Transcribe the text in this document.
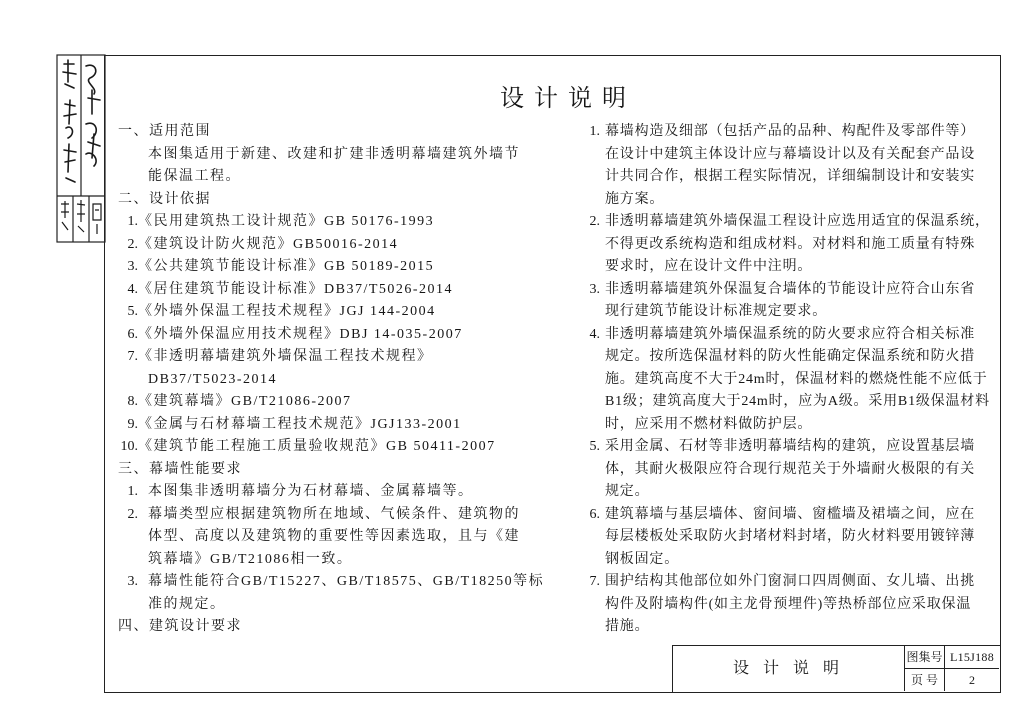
设 计 说 明
一、适用范围
本图集适用于新建、改建和扩建非透明幕墙建筑外墙节
能保温工程。
二、设计依据
1.《民用建筑热工设计规范》GB 50176-1993
2.《建筑设计防火规范》GB50016-2014
3.《公共建筑节能设计标准》GB 50189-2015
4.《居住建筑节能设计标准》DB37/T5026-2014
5.《外墙外保温工程技术规程》JGJ 144-2004
6.《外墙外保温应用技术规程》DBJ 14-035-2007
7.《非透明幕墙建筑外墙保温工程技术规程》
DB37/T5023-2014
8.《建筑幕墙》GB/T21086-2007
9.《金属与石材幕墙工程技术规范》JGJ133-2001
10.《建筑节能工程施工质量验收规范》GB 50411-2007
三、幕墙性能要求
1. 本图集非透明幕墙分为石材幕墙、金属幕墙等。
2. 幕墙类型应根据建筑物所在地域、气候条件、建筑物的
体型、高度以及建筑物的重要性等因素选取，且与《建
筑幕墙》GB/T21086相一致。
3. 幕墙性能符合GB/T15227、GB/T18575、GB/T18250等标
准的规定。
四、建筑设计要求
1. 幕墙构造及细部（包括产品的品种、构配件及零部件等）
在设计中建筑主体设计应与幕墙设计以及有关配套产品设
计共同合作，根据工程实际情况，详细编制设计和安装实
施方案。
2. 非透明幕墙建筑外墙保温工程设计应选用适宜的保温系统，
不得更改系统构造和组成材料。对材料和施工质量有特殊
要求时，应在设计文件中注明。
3. 非透明幕墙建筑外保温复合墙体的节能设计应符合山东省
现行建筑节能设计标准规定要求。
4. 非透明幕墙建筑外墙保温系统的防火要求应符合相关标准
规定。按所选保温材料的防火性能确定保温系统和防火措
施。建筑高度不大于24m时，保温材料的燃烧性能不应低于
B1级；建筑高度大于24m时，应为A级。采用B1级保温材料
时，应采用不燃材料做防护层。
5. 采用金属、石材等非透明幕墙结构的建筑，应设置基层墙
体，其耐火极限应符合现行规范关于外墙耐火极限的有关
规定。
6. 建筑幕墙与基层墙体、窗间墙、窗槛墙及裙墙之间，应在
每层楼板处采取防火封堵材料封堵，防火材料要用镀锌薄
钢板固定。
7. 围护结构其他部位如外门窗洞口四周侧面、女儿墙、出挑
构件及附墙构件(如主龙骨预埋件)等热桥部位应采取保温
措施。
设 计 说 明
图集号 L15J188
页 号	2
